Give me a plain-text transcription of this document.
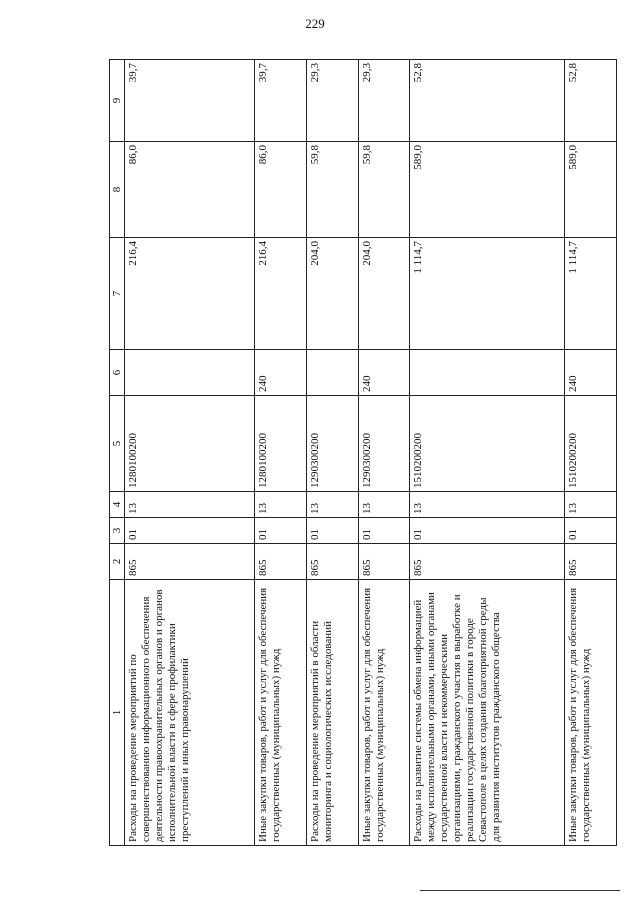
229
1	2	3	4	5	6	7	8	9
Расходы на проведение мероприятий по совершенствованию информационного обеспечения деятельности правоохранительных органов и органов исполнительной власти в сфере профилактики преступлений и иных правонарушений	865	01	13	1280100200		216,4	86,0	39,7
Иные закупки товаров, работ и услуг для обеспечения государственных (муниципальных) нужд	865	01	13	1280100200	240	216,4	86,0	39,7
Расходы на проведение мероприятий в области мониторинга и социологических исследований	865	01	13	1290300200		204,0	59,8	29,3
Иные закупки товаров, работ и услуг для обеспечения государственных (муниципальных) нужд	865	01	13	1290300200	240	204,0	59,8	29,3
Расходы на развитие системы обмена информацией между исполнительными органами, иными органами государственной власти и некоммерческими организациями, гражданского участия в выработке и реализации государственной политики в городе Севастополе в целях создания благоприятной среды для развития институтов гражданского общества	865	01	13	1510200200		1 114,7	589,0	52,8
Иные закупки товаров, работ и услуг для обеспечения государственных (муниципальных) нужд	865	01	13	1510200200	240	1 114,7	589,0	52,8
